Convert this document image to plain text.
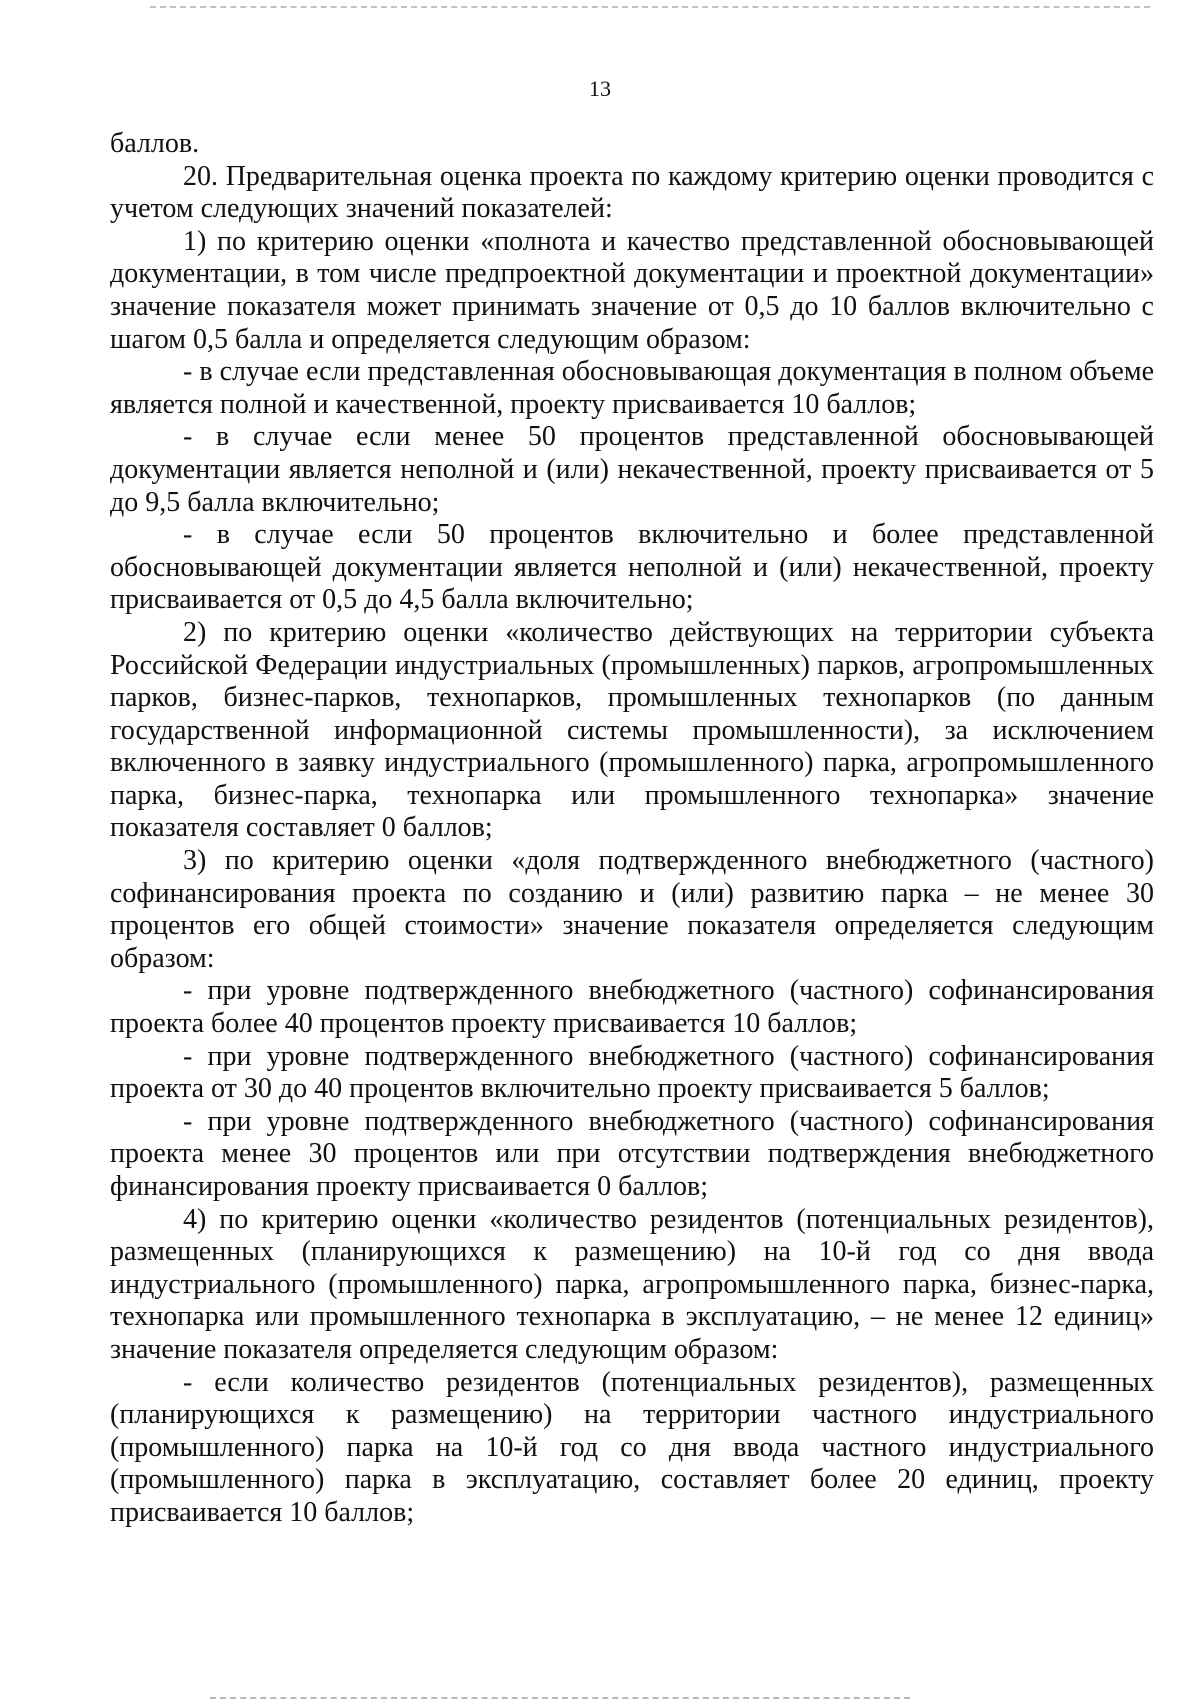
13

баллов.

20. Предварительная оценка проекта по каждому критерию оценки проводится с учетом следующих значений показателей:

1) по критерию оценки «полнота и качество представленной обосновывающей документации, в том числе предпроектной документации и проектной документации» значение показателя может принимать значение от 0,5 до 10 баллов включительно с шагом 0,5 балла и определяется следующим образом:

- в случае если представленная обосновывающая документация в полном объеме является полной и качественной, проекту присваивается 10 баллов;

- в случае если менее 50 процентов представленной обосновывающей документации является неполной и (или) некачественной, проекту присваивается от 5 до 9,5 балла включительно;

- в случае если 50 процентов включительно и более представленной обосновывающей документации является неполной и (или) некачественной, проекту присваивается от 0,5 до 4,5 балла включительно;

2) по критерию оценки «количество действующих на территории субъекта Российской Федерации индустриальных (промышленных) парков, агропромышленных парков, бизнес-парков, технопарков, промышленных технопарков (по данным государственной информационной системы промышленности), за исключением включенного в заявку индустриального (промышленного) парка, агропромышленного парка, бизнес-парка, технопарка или промышленного технопарка» значение показателя составляет 0 баллов;

3) по критерию оценки «доля подтвержденного внебюджетного (частного) софинансирования проекта по созданию и (или) развитию парка – не менее 30 процентов его общей стоимости» значение показателя определяется следующим образом:

- при уровне подтвержденного внебюджетного (частного) софинансирования проекта более 40 процентов проекту присваивается 10 баллов;

- при уровне подтвержденного внебюджетного (частного) софинансирования проекта от 30 до 40 процентов включительно проекту присваивается 5 баллов;

- при уровне подтвержденного внебюджетного (частного) софинансирования проекта менее 30 процентов или при отсутствии подтверждения внебюджетного финансирования проекту присваивается 0 баллов;

4) по критерию оценки «количество резидентов (потенциальных резидентов), размещенных (планирующихся к размещению) на 10-й год со дня ввода индустриального (промышленного) парка, агропромышленного парка, бизнес-парка, технопарка или промышленного технопарка в эксплуатацию, – не менее 12 единиц» значение показателя определяется следующим образом:

- если количество резидентов (потенциальных резидентов), размещенных (планирующихся к размещению) на территории частного индустриального (промышленного) парка на 10-й год со дня ввода частного индустриального (промышленного) парка в эксплуатацию, составляет более 20 единиц, проекту присваивается 10 баллов;
